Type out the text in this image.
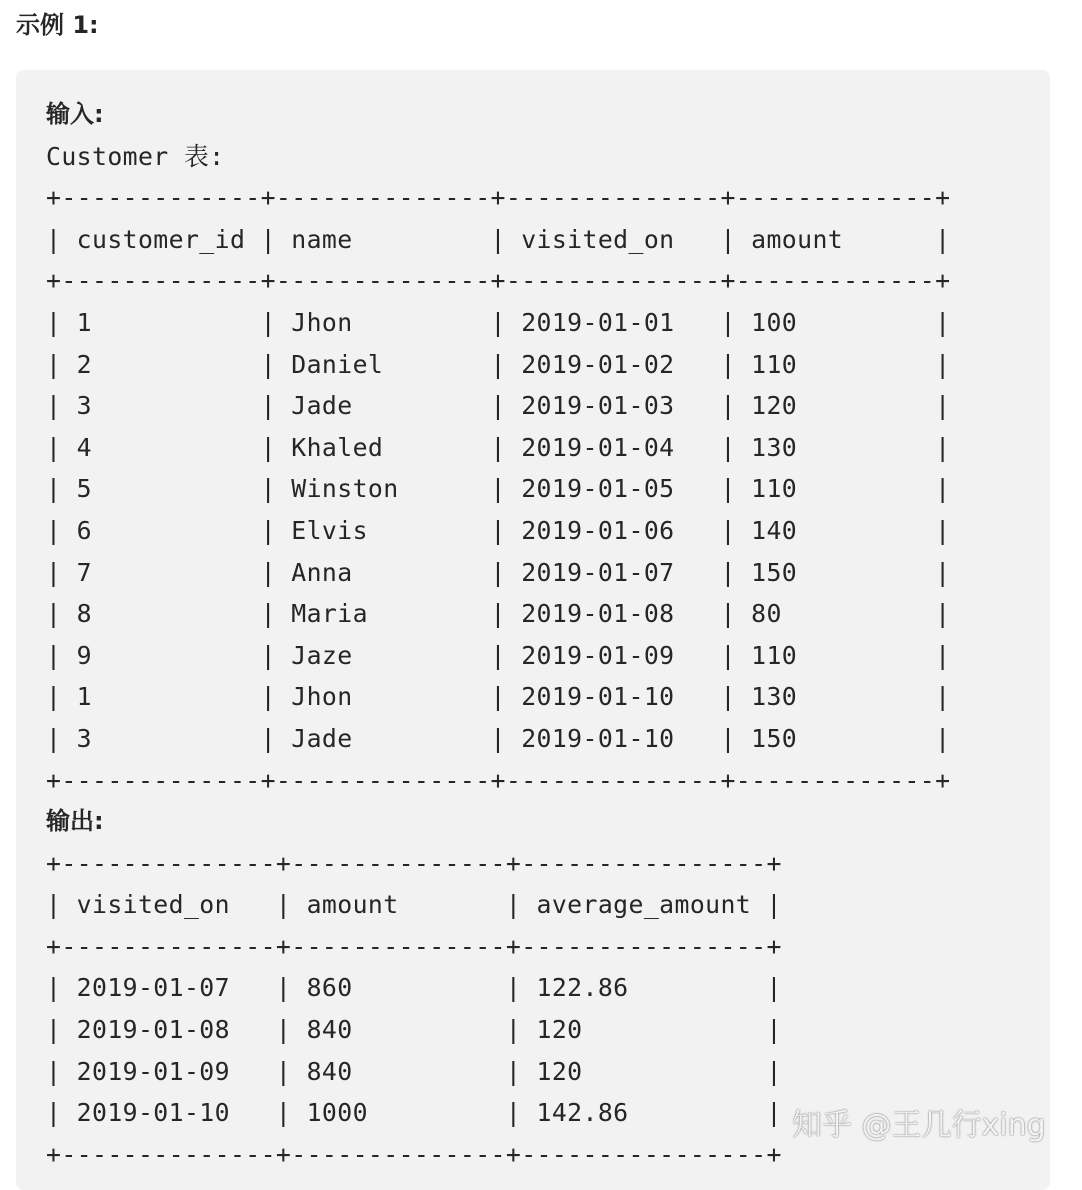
示例 1:
输入:
Customer 表:
+-------------+--------------+--------------+-------------+
| customer_id | name         | visited_on   | amount      |
+-------------+--------------+--------------+-------------+
| 1           | Jhon         | 2019-01-01   | 100         |
| 2           | Daniel       | 2019-01-02   | 110         |
| 3           | Jade         | 2019-01-03   | 120         |
| 4           | Khaled       | 2019-01-04   | 130         |
| 5           | Winston      | 2019-01-05   | 110         |
| 6           | Elvis        | 2019-01-06   | 140         |
| 7           | Anna         | 2019-01-07   | 150         |
| 8           | Maria        | 2019-01-08   | 80          |
| 9           | Jaze         | 2019-01-09   | 110         |
| 1           | Jhon         | 2019-01-10   | 130         |
| 3           | Jade         | 2019-01-10   | 150         |
+-------------+--------------+--------------+-------------+
输出:
+--------------+--------------+----------------+
| visited_on   | amount       | average_amount |
+--------------+--------------+----------------+
| 2019-01-07   | 860          | 122.86         |
| 2019-01-08   | 840          | 120            |
| 2019-01-09   | 840          | 120            |
| 2019-01-10   | 1000         | 142.86         |
+--------------+--------------+----------------+
知乎 @王几行xing
